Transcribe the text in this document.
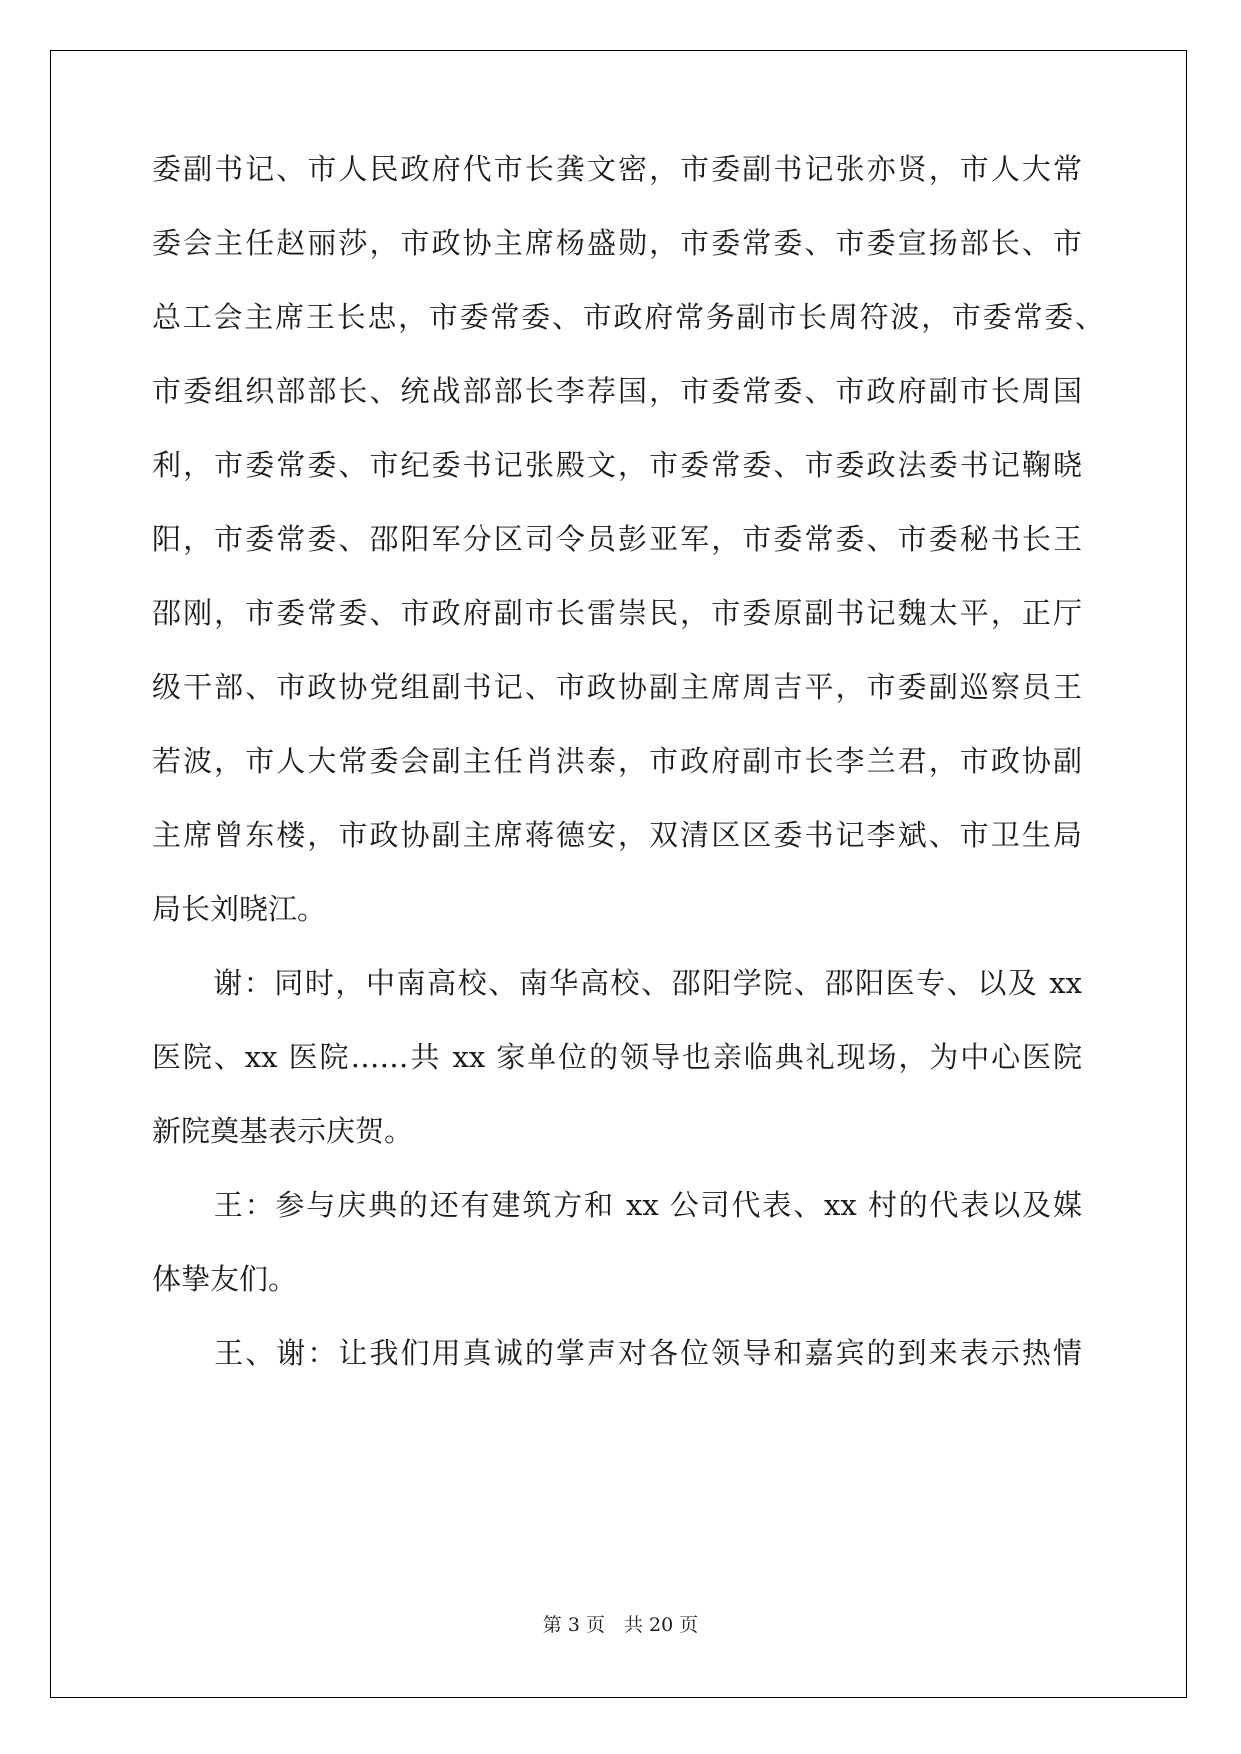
委副书记、市人民政府代市长龚文密，市委副书记张亦贤，市人大常
委会主任赵丽莎，市政协主席杨盛勋，市委常委、市委宣扬部长、市
总工会主席王长忠，市委常委、市政府常务副市长周符波，市委常委、
市委组织部部长、统战部部长李荐国，市委常委、市政府副市长周国
利，市委常委、市纪委书记张殿文，市委常委、市委政法委书记鞠晓
阳，市委常委、邵阳军分区司令员彭亚军，市委常委、市委秘书长王
邵刚，市委常委、市政府副市长雷崇民，市委原副书记魏太平，正厅
级干部、市政协党组副书记、市政协副主席周吉平，市委副巡察员王
若波，市人大常委会副主任肖洪泰，市政府副市长李兰君，市政协副
主席曾东楼，市政协副主席蒋德安，双清区区委书记李斌、市卫生局
局长刘晓江。
　　谢：同时，中南高校、南华高校、邵阳学院、邵阳医专、以及 xx
医院、xx 医院……共 xx 家单位的领导也亲临典礼现场，为中心医院
新院奠基表示庆贺。
　　王：参与庆典的还有建筑方和 xx 公司代表、xx 村的代表以及媒
体挚友们。
　　王、谢：让我们用真诚的掌声对各位领导和嘉宾的到来表示热情
第 3 页　共 20 页
